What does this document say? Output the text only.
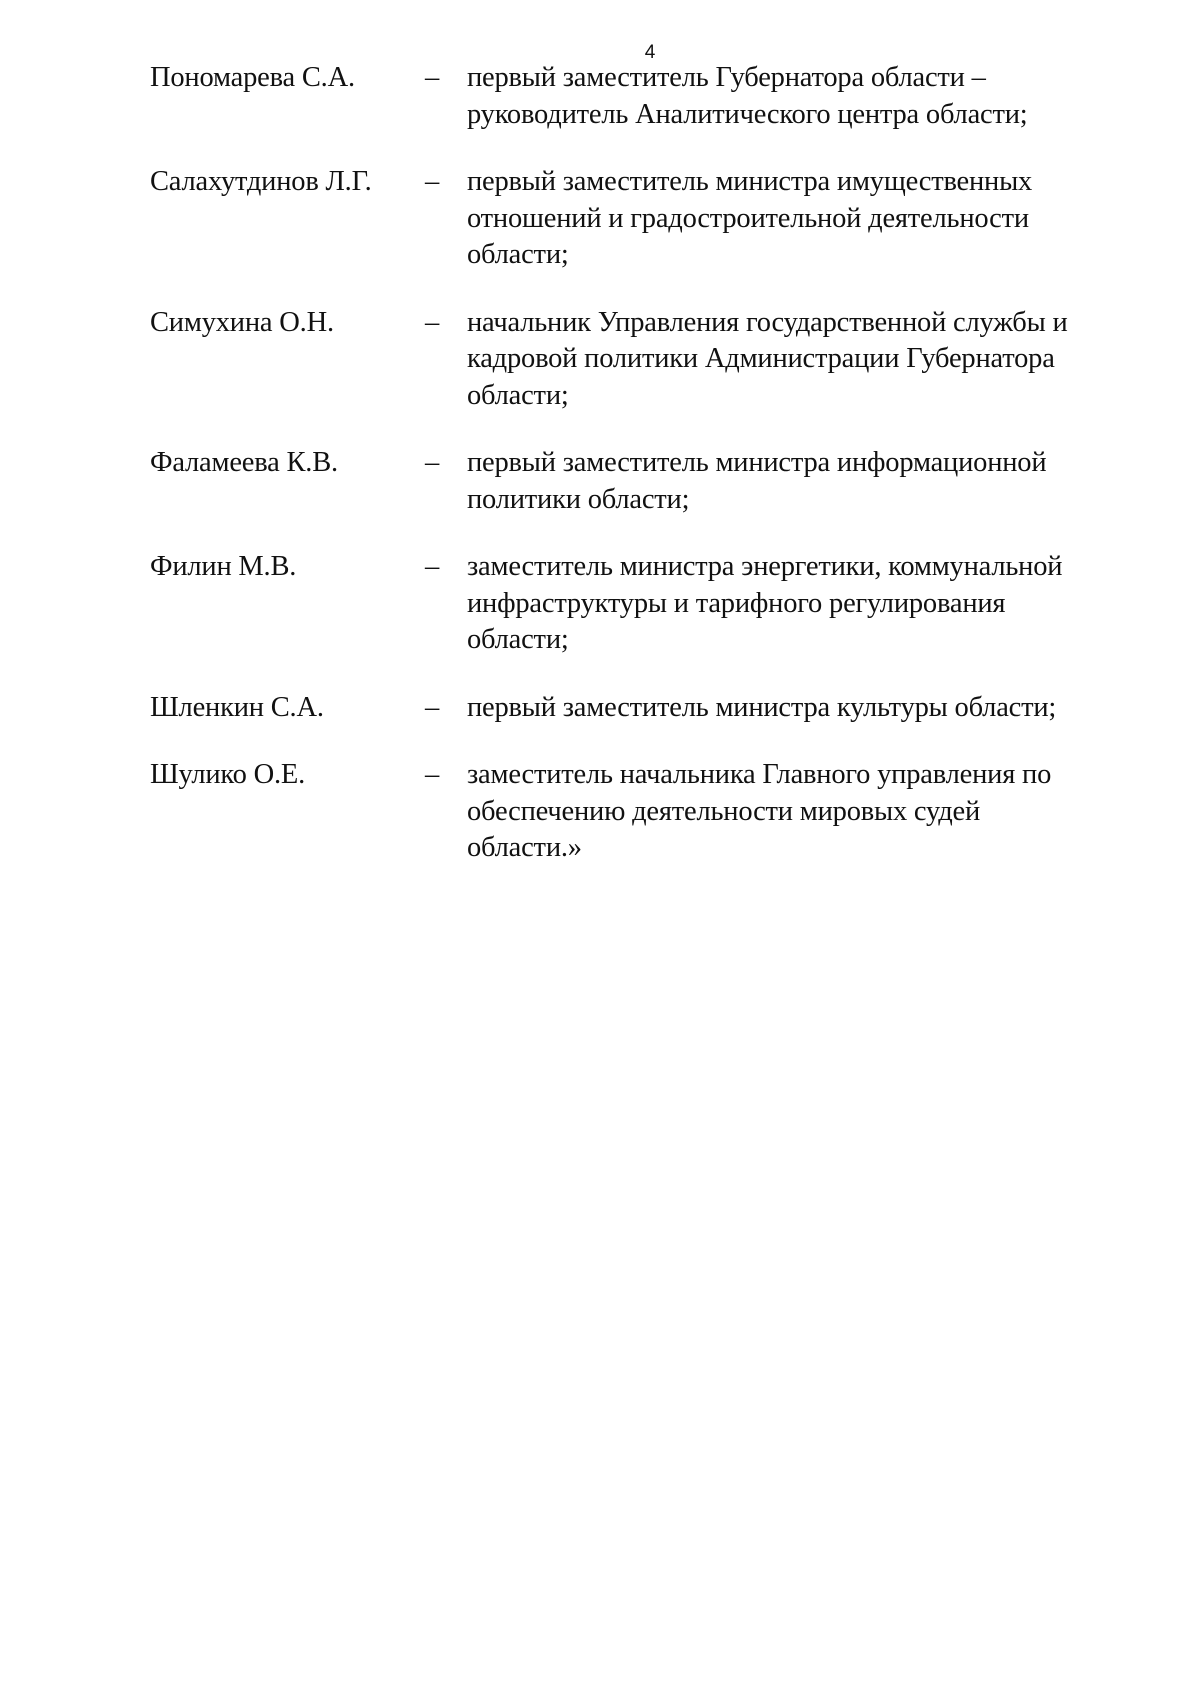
4
Пономарева С.А.	– первый заместитель Губернатора области –
руководитель Аналитического центра области;
Салахутдинов Л.Г.	– первый заместитель министра имущественных
отношений и градостроительной деятельности
области;
Симухина О.Н.	– начальник Управления государственной службы и
кадровой политики Администрации Губернатора
области;
Фаламеева К.В.	– первый заместитель министра информационной
политики области;
Филин М.В.	– заместитель министра энергетики, коммунальной
инфраструктуры и тарифного регулирования
области;
Шленкин С.А.	– первый заместитель министра культуры области;
Шулико О.Е.	– заместитель начальника Главного управления по
обеспечению деятельности мировых судей
области.»
